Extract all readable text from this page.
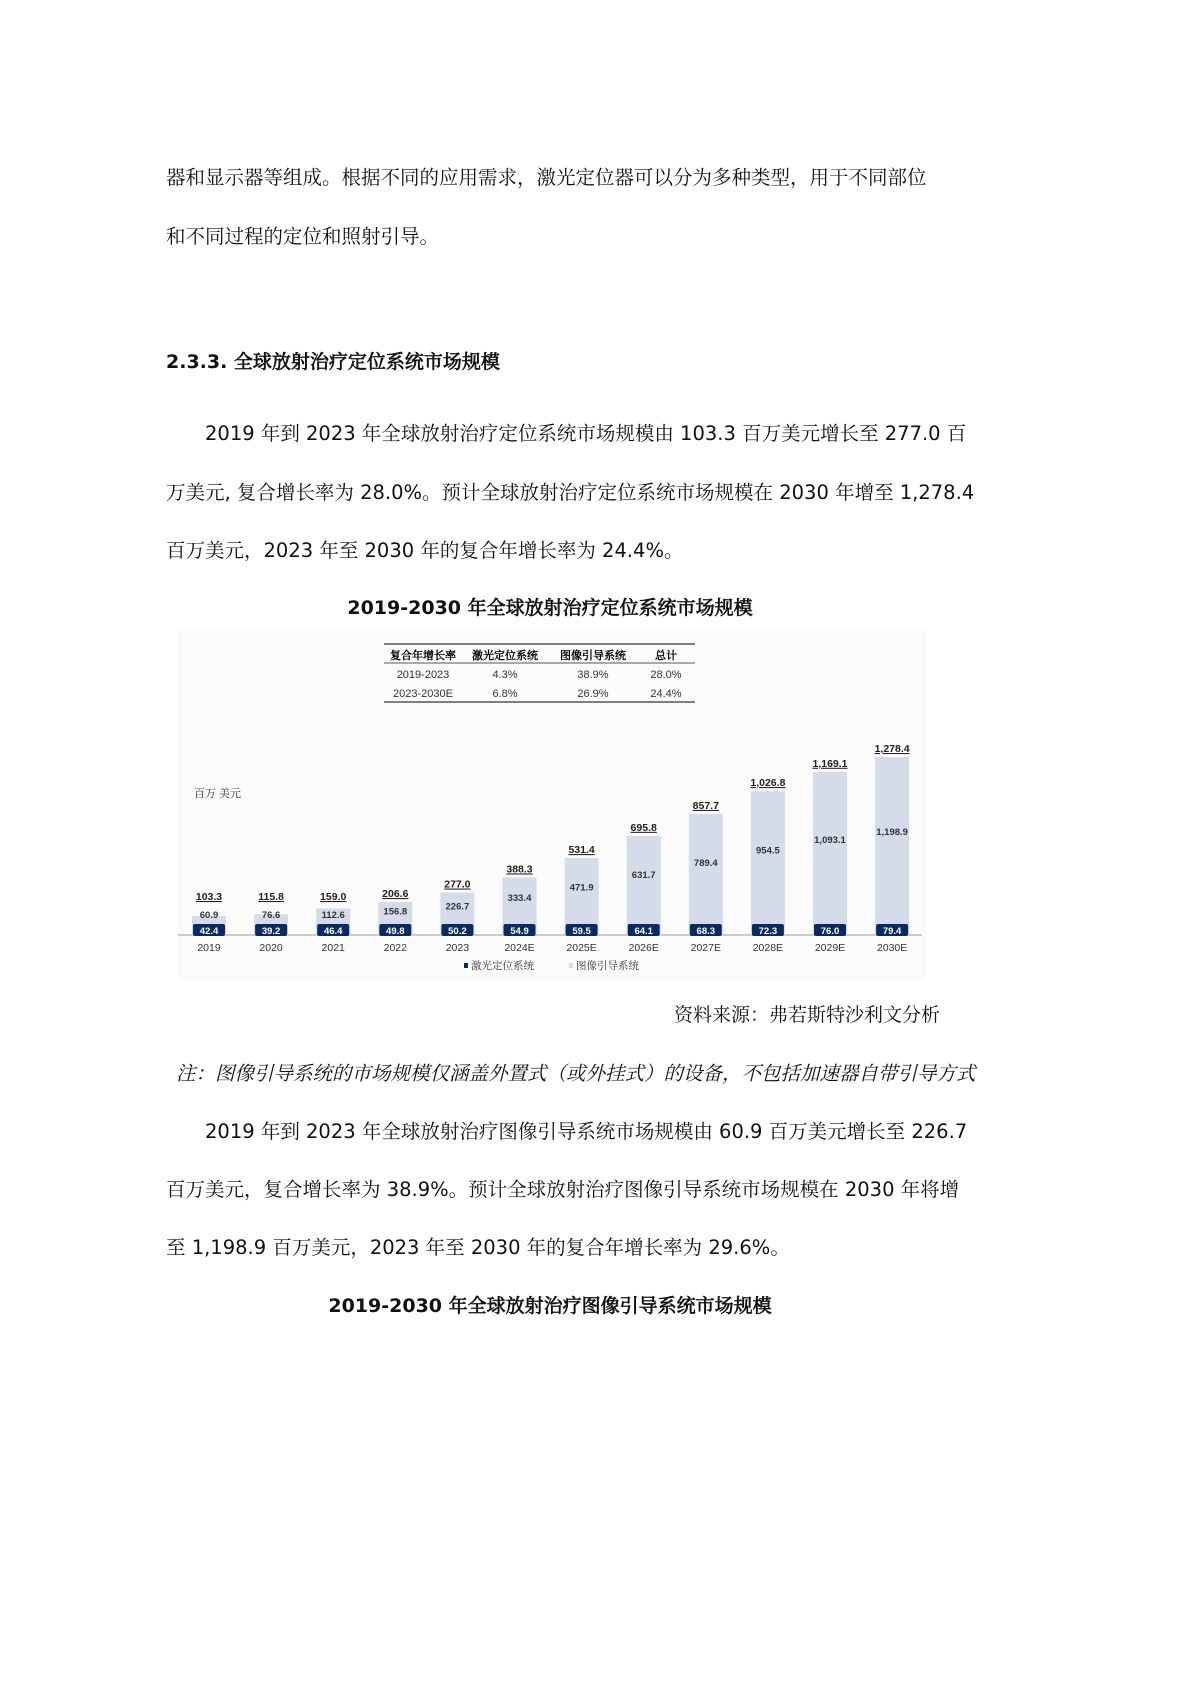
器和显示器等组成。根据不同的应用需求，激光定位器可以分为多种类型，用于不同部位
和不同过程的定位和照射引导。
2.3.3. 全球放射治疗定位系统市场规模
2019 年到 2023 年全球放射治疗定位系统市场规模由 103.3 百万美元增长至 277.0 百
万美元, 复合增长率为 28.0%。预计全球放射治疗定位系统市场规模在 2030 年增至 1,278.4
百万美元，2023 年至 2030 年的复合年增长率为 24.4%。
2019-2030 年全球放射治疗定位系统市场规模
复合年增长率 激光定位系统 图像引导系统	总计
2019-2023	4.3%	38.9%	28.0%
2023-2030E	6.8%	26.9%	24.4%
百万 美元
42.4
60.9
103.3
2019
39.2
76.6
115.8
2020
46.4
112.6
159.0
2021
49.8
156.8
206.6
2022
50.2
226.7
277.0
2023
54.9
333.4
388.3
2024E
59.5
471.9
531.4
2025E
64.1
631.7
695.8
2026E
68.3
789.4
857.7
2027E
72.3
954.5
1,026.8
2028E
76.0
1,093.1
1,169.1
2029E
79.4
1,198.9
1,278.4
2030E
激光定位系统	图像引导系统
资料来源：弗若斯特沙利文分析
注：图像引导系统的市场规模仅涵盖外置式（或外挂式）的设备，不包括加速器自带引导方式
2019 年到 2023 年全球放射治疗图像引导系统市场规模由 60.9 百万美元增长至 226.7
百万美元，复合增长率为 38.9%。预计全球放射治疗图像引导系统市场规模在 2030 年将增
至 1,198.9 百万美元，2023 年至 2030 年的复合年增长率为 29.6%。
2019-2030 年全球放射治疗图像引导系统市场规模
